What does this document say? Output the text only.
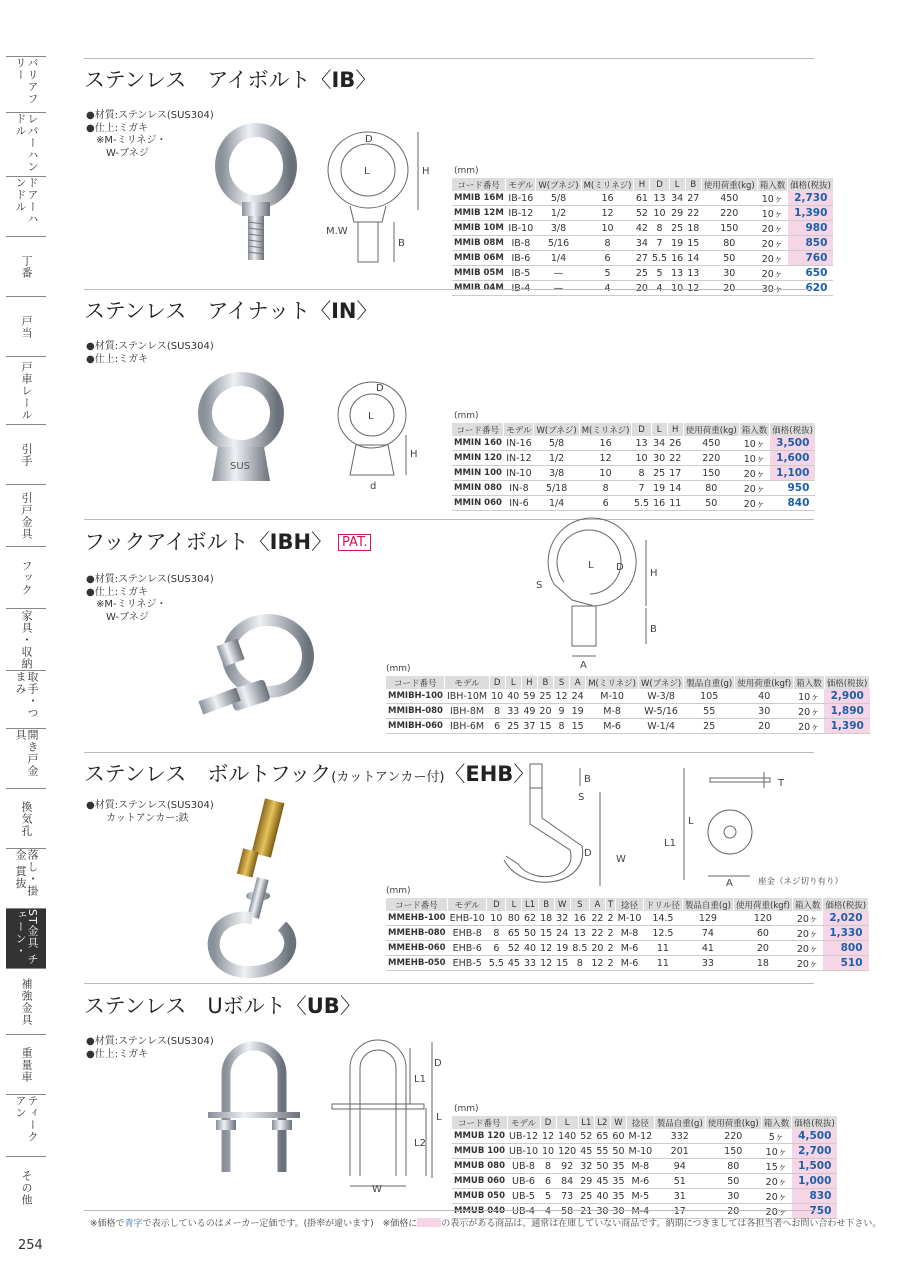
バリアフリー
レバーハンドル
ドアーハンドル
丁番
戸当
戸車レール
引手
引戸金具
フック
家具・収納
取手・つまみ
開き戸金具
換気孔
落し・掛金 貫抜
ST金具 チェーン・
補強金具
重量車
ティーク アン
その他
254
ステンレス　アイボルト〈IB〉
●材質:ステンレス(SUS304)
●仕上:ミガキ
　※M-ミリネジ・
　　W-ブネジ
D
L	H
M.W
B
(mm)
コード番号	モデル	W(ブネジ)	M(ミリネジ)	H	D	L	B	使用荷重(kg)	箱入数	価格(税抜)
MMIB 16M	IB-16	5/8	16	61	13	34	27	450	10ヶ	2,730
MMIB 12M	IB-12	1/2	12	52	10	29	22	220	10ヶ	1,390
MMIB 10M	IB-10	3/8	10	42	8	25	18	150	20ヶ	980
MMIB 08M	IB-8	5/16	8	34	7	19	15	80	20ヶ	850
MMIB 06M	IB-6	1/4	6	27	5.5	16	14	50	20ヶ	760
MMIB 05M	IB-5	—	5	25	5	13	13	30	20ヶ	650
MMIB 04M	IB-4	—	4	20	4	10	12	20	30ヶ	620
ステンレス　アイナット〈IN〉
●材質:ステンレス(SUS304)
●仕上:ミガキ
SUS
D
L
H
d
(mm)
コード番号	モデル	W(ブネジ)	M(ミリネジ)	D	L	H	使用荷重(kg)	箱入数	価格(税抜)
MMIN 160	IN-16	5/8	16	13	34	26	450	10ヶ	3,500
MMIN 120	IN-12	1/2	12	10	30	22	220	10ヶ	1,600
MMIN 100	IN-10	3/8	10	8	25	17	150	20ヶ	1,100
MMIN 080	IN-8	5/18	8	7	19	14	80	20ヶ	950
MMIN 060	IN-6	1/4	6	5.5	16	11	50	20ヶ	840
フックアイボルト〈IBH〉 PAT.
●材質:ステンレス(SUS304)
●仕上:ミガキ
　※M-ミリネジ・
　　W-ブネジ
L D
H
S
B
A
(mm)
コード番号	モデル	D	L	H	B	S	A	M(ミリネジ)	W(ブネジ)	製品自重(g)	使用荷重(kgf)	箱入数	価格(税抜)
MMIBH-100	IBH-10M	10	40	59	25	12	24	M-10	W-3/8	105	40	10ヶ	2,900
MMIBH-080	IBH-8M	8	33	49	20	9	19	M-8	W-5/16	55	30	20ヶ	1,890
MMIBH-060	IBH-6M	6	25	37	15	8	15	M-6	W-1/4	25	20	20ヶ	1,390
ステンレス　ボルトフック(カットアンカー付)〈EHB〉
●材質:ステンレス(SUS304)
　　カットアンカー:鉄
B
S
L1
L
D
W
A
T
座金（ネジ切り有り）
(mm)
コード番号	モデル	D	L	L1	B	W	S	A	T	捻径	ドリル径	製品自重(g)	使用荷重(kgf)	箱入数	価格(税抜)
MMEHB-100	EHB-10	10	80	62	18	32	16	22	2	M-10	14.5	129	120	20ヶ	2,020
MMEHB-080	EHB-8	8	65	50	15	24	13	22	2	M-8	12.5	74	60	20ヶ	1,330
MMEHB-060	EHB-6	6	52	40	12	19	8.5	20	2	M-6	11	41	20	20ヶ	800
MMEHB-050	EHB-5	5.5	45	33	12	15	8	12	2	M-6	11	33	18	20ヶ	510
ステンレス　Uボルト〈UB〉
●材質:ステンレス(SUS304)
●仕上:ミガキ
D
L1
L
L2
W
(mm)
コード番号	モデル	D	L	L1	L2	W	捻径	製品自重(g)	使用荷重(kg)	箱入数	価格(税抜)
MMUB 120	UB-12	12	140	52	65	60	M-12	332	220	5ヶ	4,500
MMUB 100	UB-10	10	120	45	55	50	M-10	201	150	10ヶ	2,700
MMUB 080	UB-8	8	92	32	50	35	M-8	94	80	15ヶ	1,500
MMUB 060	UB-6	6	84	29	45	35	M-6	51	50	20ヶ	1,000
MMUB 050	UB-5	5	73	25	40	35	M-5	31	30	20ヶ	830
MMUB 040	UB-4	4	58	21	30	30	M-4	17	20	20ヶ	750
※価格で青字で表示しているのはメーカー定価です。(掛率が違います)　※価格に	の表示がある商品は、通常は在庫していない商品です。納期につきましては各担当者へお問い合わせ下さい。
